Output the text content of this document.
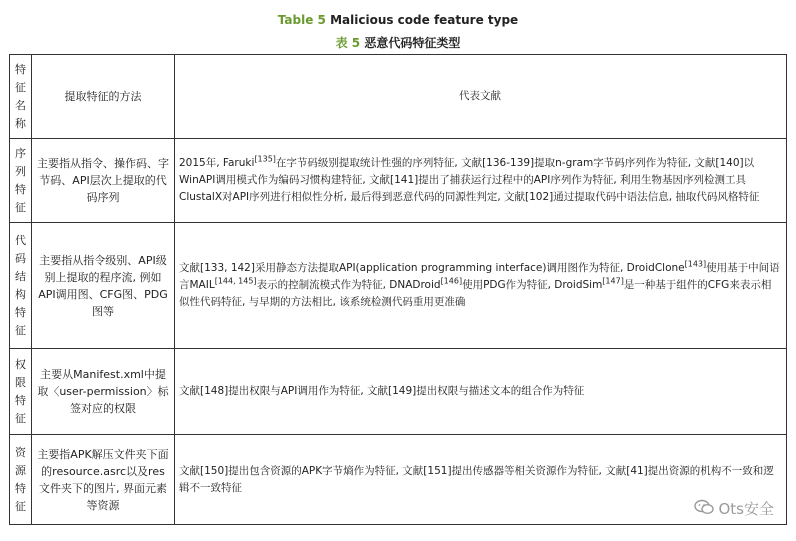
Table 5 Malicious code feature type
表 5 恶意代码特征类型
特征名称	提取特征的方法	代表文献
序列特征	主要指从指令、操作码、字节码、API层次上提取的代码序列	2015年, Faruki[135]在字节码级别提取统计性强的序列特征, 文献[136-139]提取n-gram字节码序列作为特征, 文献[140]以WinAPI调用模式作为编码习惯构建特征, 文献[141]提出了捕获运行过程中的API序列作为特征, 利用生物基因序列检测工具ClustalX对API序列进行相似性分析, 最后得到恶意代码的同源性判定, 文献[102]通过提取代码中语法信息, 抽取代码风格特征
代码结构特征	主要指从指令级别、API级别上提取的程序流, 例如API调用图、CFG图、PDG图等	文献[133, 142]采用静态方法提取API(application programming interface)调用图作为特征, DroidClone[143]使用基于中间语言MAIL[144, 145]表示的控制流模式作为特征, DNADroid[146]使用PDG作为特征, DroidSim[147]是一种基于组件的CFG来表示相似性代码特征, 与早期的方法相比, 该系统检测代码重用更准确
权限特征	主要从Manifest.xml中提取〈user-permission〉标签对应的权限	文献[148]提出权限与API调用作为特征, 文献[149]提出权限与描述文本的组合作为特征
资源特征	主要指APK解压文件夹下面的resource.asrc以及res文件夹下的图片, 界面元素等资源	文献[150]提出包含资源的APK字节熵作为特征, 文献[151]提出传感器等相关资源作为特征, 文献[41]提出资源的机构不一致和逻辑不一致特征
Ots安全
